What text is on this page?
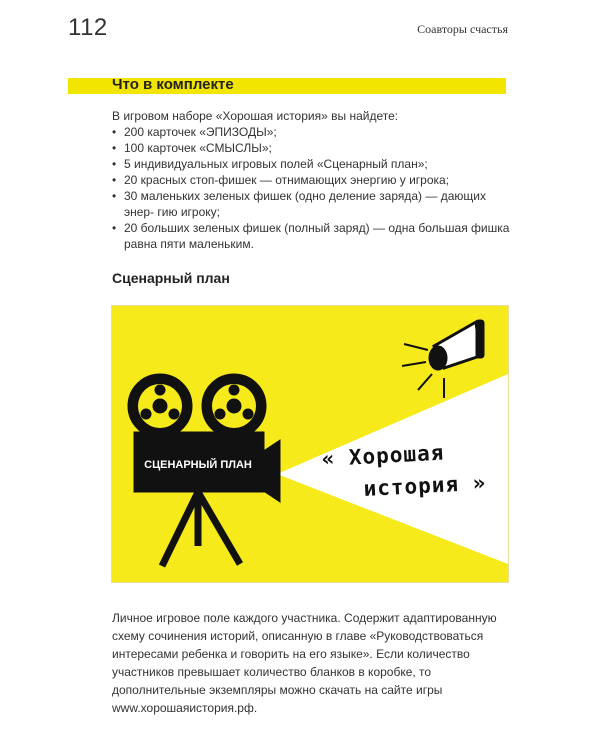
112	Соавторы счастья
Что в комплекте
В игровом наборе «Хорошая история» вы найдете:
• 200 карточек «ЭПИЗОДЫ»;
• 100 карточек «СМЫСЛЫ»;
• 5 индивидуальных игровых полей «Сценарный план»;
• 20 красных стоп-фишек — отнимающих энергию у игрока;
• 30 маленьких зеленых фишек (одно деление заряда) — дающих энер- гию игроку;
• 20 больших зеленых фишек (полный заряд) — одна большая фишка равна пяти маленьким.
Сценарный план
СЦЕНАРНЫЙ ПЛАН	« Хорошая
история »
Личное игровое поле каждого участника. Содержит адаптированную схему сочинения историй, описанную в главе «Руководствоваться интересами ребенка и говорить на его языке». Если количество участников превышает количество бланков в коробке, то дополнительные экземпляры можно скачать на сайте игры www.хорошаяистория.рф.
